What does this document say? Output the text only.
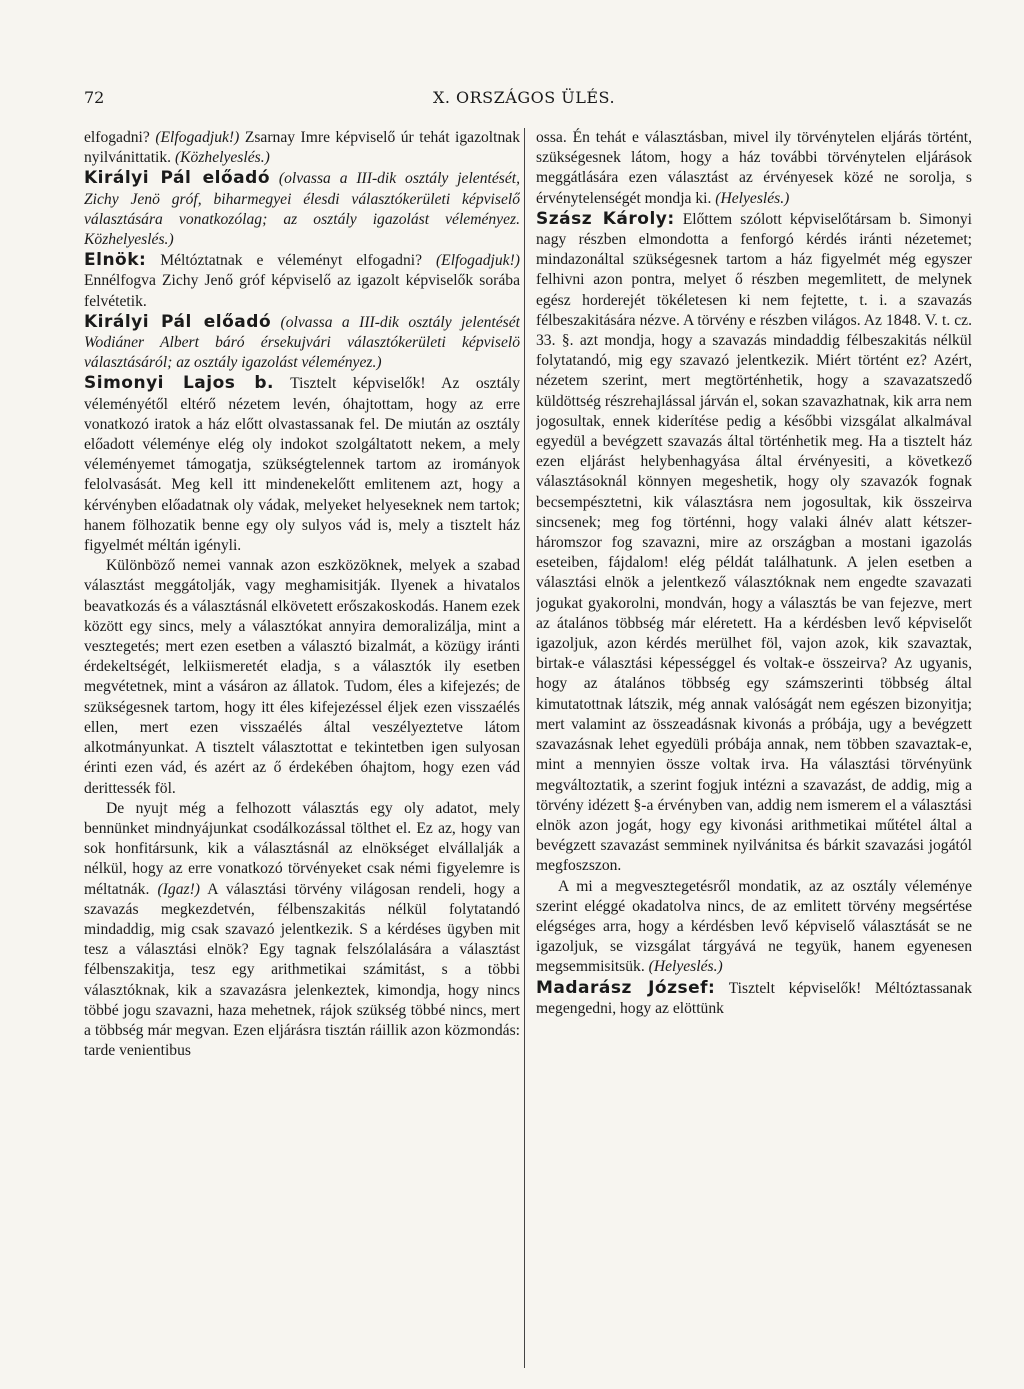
72	X. ORSZÁGOS ÜLÉS.

elfogadni? (Elfogadjuk!) Zsarnay Imre képviselő úr tehát igazoltnak nyilvánittatik. (Közhelyeslés.)

Királyi Pál előadó (olvassa a III-dik osztály jelentését, Zichy Jenö gróf, biharmegyei élesdi választókerületi képviselő választására vonatkozólag; az osztály igazolást véleményez. Közhelyeslés.)

Elnök: Méltóztatnak e véleményt elfogadni? (Elfogadjuk!) Ennélfogva Zichy Jenő gróf képviselő az igazolt képviselők sorába felvétetik.

Királyi Pál előadó (olvassa a III-dik osztály jelentését Wodiáner Albert báró érsekujvári választókerületi képviselö választásáról; az osztály igazolást véleményez.)

Simonyi Lajos b. Tisztelt képviselők! Az osztály véleményétől eltérő nézetem levén, óhajtottam, hogy az erre vonatkozó iratok a ház előtt olvastassanak fel. De miután az osztály előadott véleménye elég oly indokot szolgáltatott nekem, a mely véleményemet támogatja, szükségtelennek tartom az irományok felolvasását. Meg kell itt mindenekelőtt emlitenem azt, hogy a kérvényben előadatnak oly vádak, melyeket helyeseknek nem tartok; hanem fölhozatik benne egy oly sulyos vád is, mely a tisztelt ház figyelmét méltán igényli.

Különböző nemei vannak azon eszközöknek, melyek a szabad választást meggátolják, vagy meghamisitják. Ilyenek a hivatalos beavatkozás és a választásnál elkövetett erőszakoskodás. Hanem ezek között egy sincs, mely a választókat annyira demoralizálja, mint a vesztegetés; mert ezen esetben a választó bizalmát, a közügy iránti érdekeltségét, lelkiismeretét eladja, s a választók ily esetben megvétetnek, mint a vásáron az állatok. Tudom, éles a kifejezés; de szükségesnek tartom, hogy itt éles kifejezéssel éljek ezen visszaélés ellen, mert ezen visszaélés által veszélyeztetve látom alkotmányunkat. A tisztelt választottat e tekintetben igen sulyosan érinti ezen vád, és azért az ő érdekében óhajtom, hogy ezen vád derittessék föl.

De nyujt még a felhozott választás egy oly adatot, mely bennünket mindnyájunkat csodálkozással tölthet el. Ez az, hogy van sok honfitársunk, kik a választásnál az elnökséget elvállalják a nélkül, hogy az erre vonatkozó törvényeket csak némi figyelemre is méltatnák. (Igaz!) A választási törvény világosan rendeli, hogy a szavazás megkezdetvén, félbenszakitás nélkül folytatandó mindaddig, mig csak szavazó jelentkezik. S a kérdéses ügyben mit tesz a választási elnök? Egy tagnak felszólalására a választást félbenszakitja, tesz egy arithmetikai számitást, s a többi választóknak, kik a szavazásra jelenkeztek, kimondja, hogy nincs többé jogu szavazni, haza mehetnek, rájok szükség többé nincs, mert a többség már megvan. Ezen eljárásra tisztán ráillik azon közmondás: tarde venientibus

ossa. Én tehát e választásban, mivel ily törvénytelen eljárás történt, szükségesnek látom, hogy a ház további törvénytelen eljárások meggátlására ezen választást az érvényesek közé ne sorolja, s érvénytelenségét mondja ki. (Helyeslés.)

Szász Károly: Előttem szólott képviselőtársam b. Simonyi nagy részben elmondotta a fenforgó kérdés iránti nézetemet; mindazonáltal szükségesnek tartom a ház figyelmét még egyszer felhivni azon pontra, melyet ő részben megemlitett, de melynek egész horderejét tökéletesen ki nem fejtette, t. i. a szavazás félbeszakitására nézve. A törvény e részben világos. Az 1848. V. t. cz. 33. §. azt mondja, hogy a szavazás mindaddig félbeszakitás nélkül folytatandó, mig egy szavazó jelentkezik. Miért történt ez? Azért, nézetem szerint, mert megtörténhetik, hogy a szavazatszedő küldöttség részrehajlással járván el, sokan szavazhatnak, kik arra nem jogosultak, ennek kiderítése pedig a későbbi vizsgálat alkalmával egyedül a bevégzett szavazás által történhetik meg. Ha a tisztelt ház ezen eljárást helybenhagyása által érvényesiti, a következő választásoknál könnyen megeshetik, hogy oly szavazók fognak becsempésztetni, kik választásra nem jogosultak, kik összeirva sincsenek; meg fog történni, hogy valaki álnév alatt kétszer-háromszor fog szavazni, mire az országban a mostani igazolás eseteiben, fájdalom! elég példát találhatunk. A jelen esetben a választási elnök a jelentkező választóknak nem engedte szavazati jogukat gyakorolni, mondván, hogy a választás be van fejezve, mert az átalános többség már eléretett. Ha a kérdésben levő képviselőt igazoljuk, azon kérdés merülhet föl, vajon azok, kik szavaztak, birtak-e választási képességgel és voltak-e összeirva? Az ugyanis, hogy az átalános többség egy számszerinti többség által kimutatottnak látszik, még annak valóságát nem egészen bizonyitja; mert valamint az összeadásnak kivonás a próbája, ugy a bevégzett szavazásnak lehet egyedüli próbája annak, nem többen szavaztak-e, mint a mennyien össze voltak irva. Ha választási törvényünk megváltoztatik, a szerint fogjuk intézni a szavazást, de addig, mig a törvény idézett §-a érvényben van, addig nem ismerem el a választási elnök azon jogát, hogy egy kivonási arithmetikai műtétel által a bevégzett szavazást semminek nyilvánitsa és bárkit szavazási jogától megfoszszon.

A mi a megvesztegetésről mondatik, az az osztály véleménye szerint eléggé okadatolva nincs, de az emlitett törvény megsértése elégséges arra, hogy a kérdésben levő képviselő választását se ne igazoljuk, se vizsgálat tárgyává ne tegyük, hanem egyenesen megsemmisitsük. (Helyeslés.)

Madarász József: Tisztelt képviselők! Méltóztassanak megengedni, hogy az elöttünk
